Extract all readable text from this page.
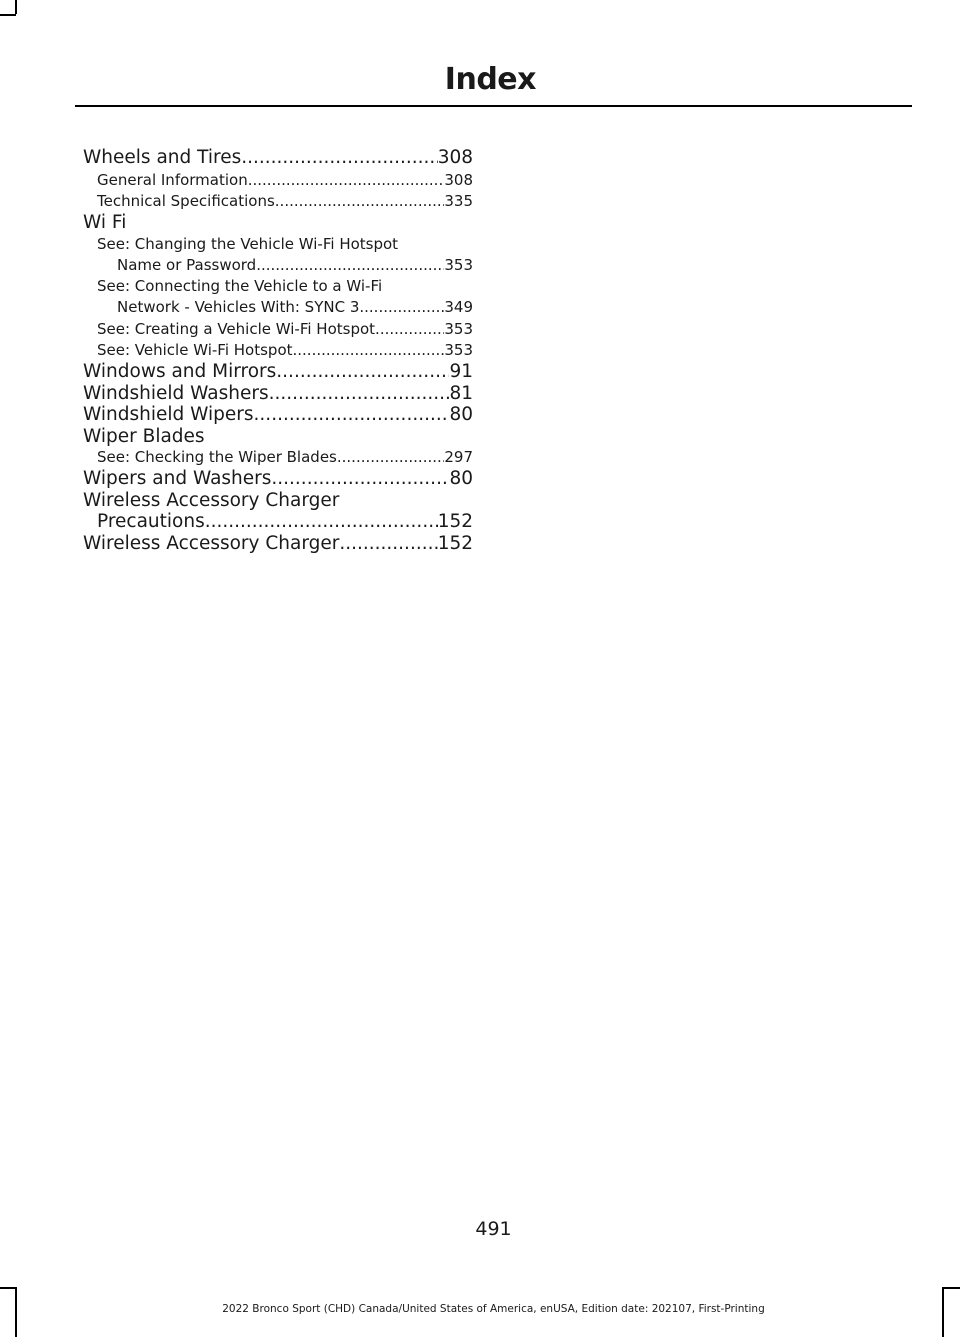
Index
Wheels and Tires .....	308
General Information .....	308
Technical Specifications .....	335
Wi Fi
See: Changing the Vehicle Wi-Fi Hotspot
Name or Password .....	353
See: Connecting the Vehicle to a Wi-Fi
Network - Vehicles With: SYNC 3 .....	349
See: Creating a Vehicle Wi-Fi Hotspot .....	353
See: Vehicle Wi-Fi Hotspot .....	353
Windows and Mirrors .....	91
Windshield Washers .....	81
Windshield Wipers .....	80
Wiper Blades
See: Checking the Wiper Blades .....	297
Wipers and Washers .....	80
Wireless Accessory Charger
Precautions .....	152
Wireless Accessory Charger .....	152
491
2022 Bronco Sport (CHD) Canada/United States of America, enUSA, Edition date: 202107, First-Printing
